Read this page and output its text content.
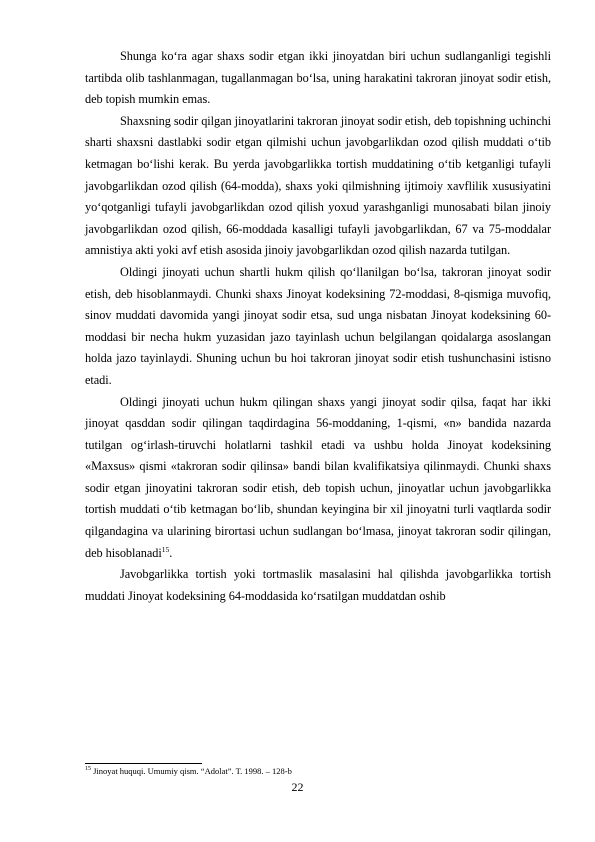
Shunga ko‘ra agar shaxs sodir etgan ikki jinoyatdan biri uchun sudlanganligi tegishli tartibda olib tashlanmagan, tugallanmagan bo‘lsa, uning harakatini takroran jinoyat sodir etish, deb topish mumkin emas.

Shaxsning sodir qilgan jinoyatlarini takroran jinoyat sodir etish, deb topishning uchinchi sharti shaxsni dastlabki sodir etgan qilmishi uchun javobgarlikdan ozod qilish muddati o‘tib ketmagan bo‘lishi kerak. Bu yerda javobgarlikka tortish muddatining o‘tib ketganligi tufayli javobgarlikdan ozod qilish (64-modda), shaxs yoki qilmishning ijtimoiy xavflilik xususiyatini yo‘qotganligi tufayli javobgarlikdan ozod qilish yoxud yarashganligi munosabati bilan jinoiy javobgarlikdan ozod qilish, 66-moddada kasalligi tufayli javobgarlikdan, 67 va 75-moddalar amnistiya akti yoki avf etish asosida jinoiy javobgarlikdan ozod qilish nazarda tutilgan.

Oldingi jinoyati uchun shartli hukm qilish qo‘llanilgan bo‘lsa, takroran jinoyat sodir etish, deb hisoblanmaydi. Chunki shaxs Jinoyat kodeksining 72-moddasi, 8-qismiga muvofiq, sinov muddati davomida yangi jinoyat sodir etsa, sud unga nisbatan Jinoyat kodeksining 60-moddasi bir necha hukm yuzasidan jazo tayinlash uchun belgilangan qoidalarga asoslangan holda jazo tayinlaydi. Shuning uchun bu hoi takroran jinoyat sodir etish tushunchasini istisno etadi.

Oldingi jinoyati uchun hukm qilingan shaxs yangi jinoyat sodir qilsa, faqat har ikki jinoyat qasddan sodir qilingan taqdirdagina 56-moddaning, 1-qismi, «n» bandida nazarda tutilgan og‘irlash-tiruvchi holatlarni tashkil etadi va ushbu holda Jinoyat kodeksining «Maxsus» qismi «takroran sodir qilinsa» bandi bilan kvalifikatsiya qilinmaydi. Chunki shaxs sodir etgan jinoyatini takroran sodir etish, deb topish uchun, jinoyatlar uchun javobgarlikka tortish muddati o‘tib ketmagan bo‘lib, shundan keyingina bir xil jinoyatni turli vaqtlarda sodir qilgandagina va ularining birortasi uchun sudlangan bo‘lmasa, jinoyat takroran sodir qilingan, deb hisoblanadi$^{15}$.

Javobgarlikka tortish yoki tortmaslik masalasini hal qilishda javobgarlikka tortish muddati Jinoyat kodeksining 64-moddasida ko‘rsatilgan muddatdan oshib

$^{15}$ Jinoyat huquqi. Umumiy qism. “Adolat”. T. 1998. – 128-b

22
